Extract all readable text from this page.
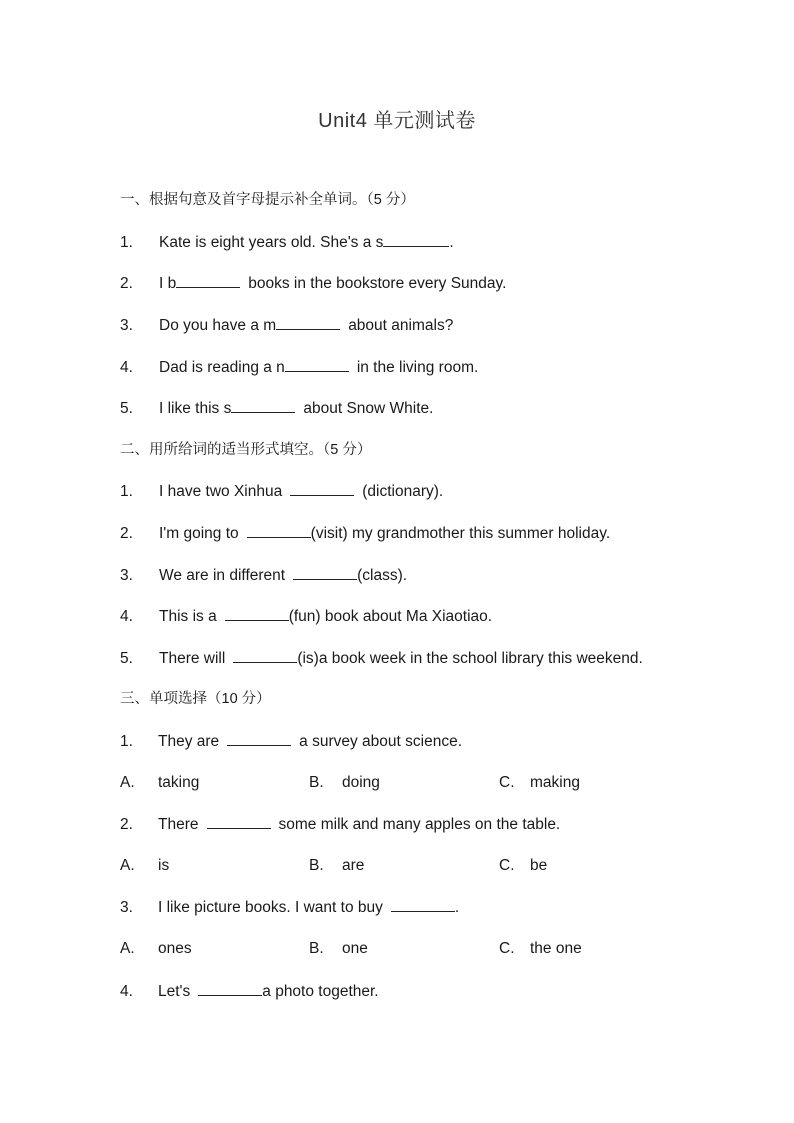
Unit4 单元测试卷
一、根据句意及首字母提示补全单词。（5 分）
1. Kate is eight years old. She's a s	.
2. I b	books in the bookstore every Sunday.
3. Do you have a m	about animals?
4. Dad is reading a n	in the living room.
5. I like this s	about Snow White.
二、用所给词的适当形式填空。（5 分）
1. I have two Xinhua	(dictionary).
2. I'm going to	(visit) my grandmother this summer holiday.
3. We are in different	(class).
4. This is a	(fun) book about Ma Xiaotiao.
5. There will	(is)a book week in the school library this weekend.
三、单项选择（10 分）
1. They are	a survey about science.
A. taking	B. doing	C. making
2. There	some milk and many apples on the table.
A. is	B. are	C. be
3. I like picture books. I want to buy	.
A. ones	B. one	C. the one
4. Let's	a photo together.
